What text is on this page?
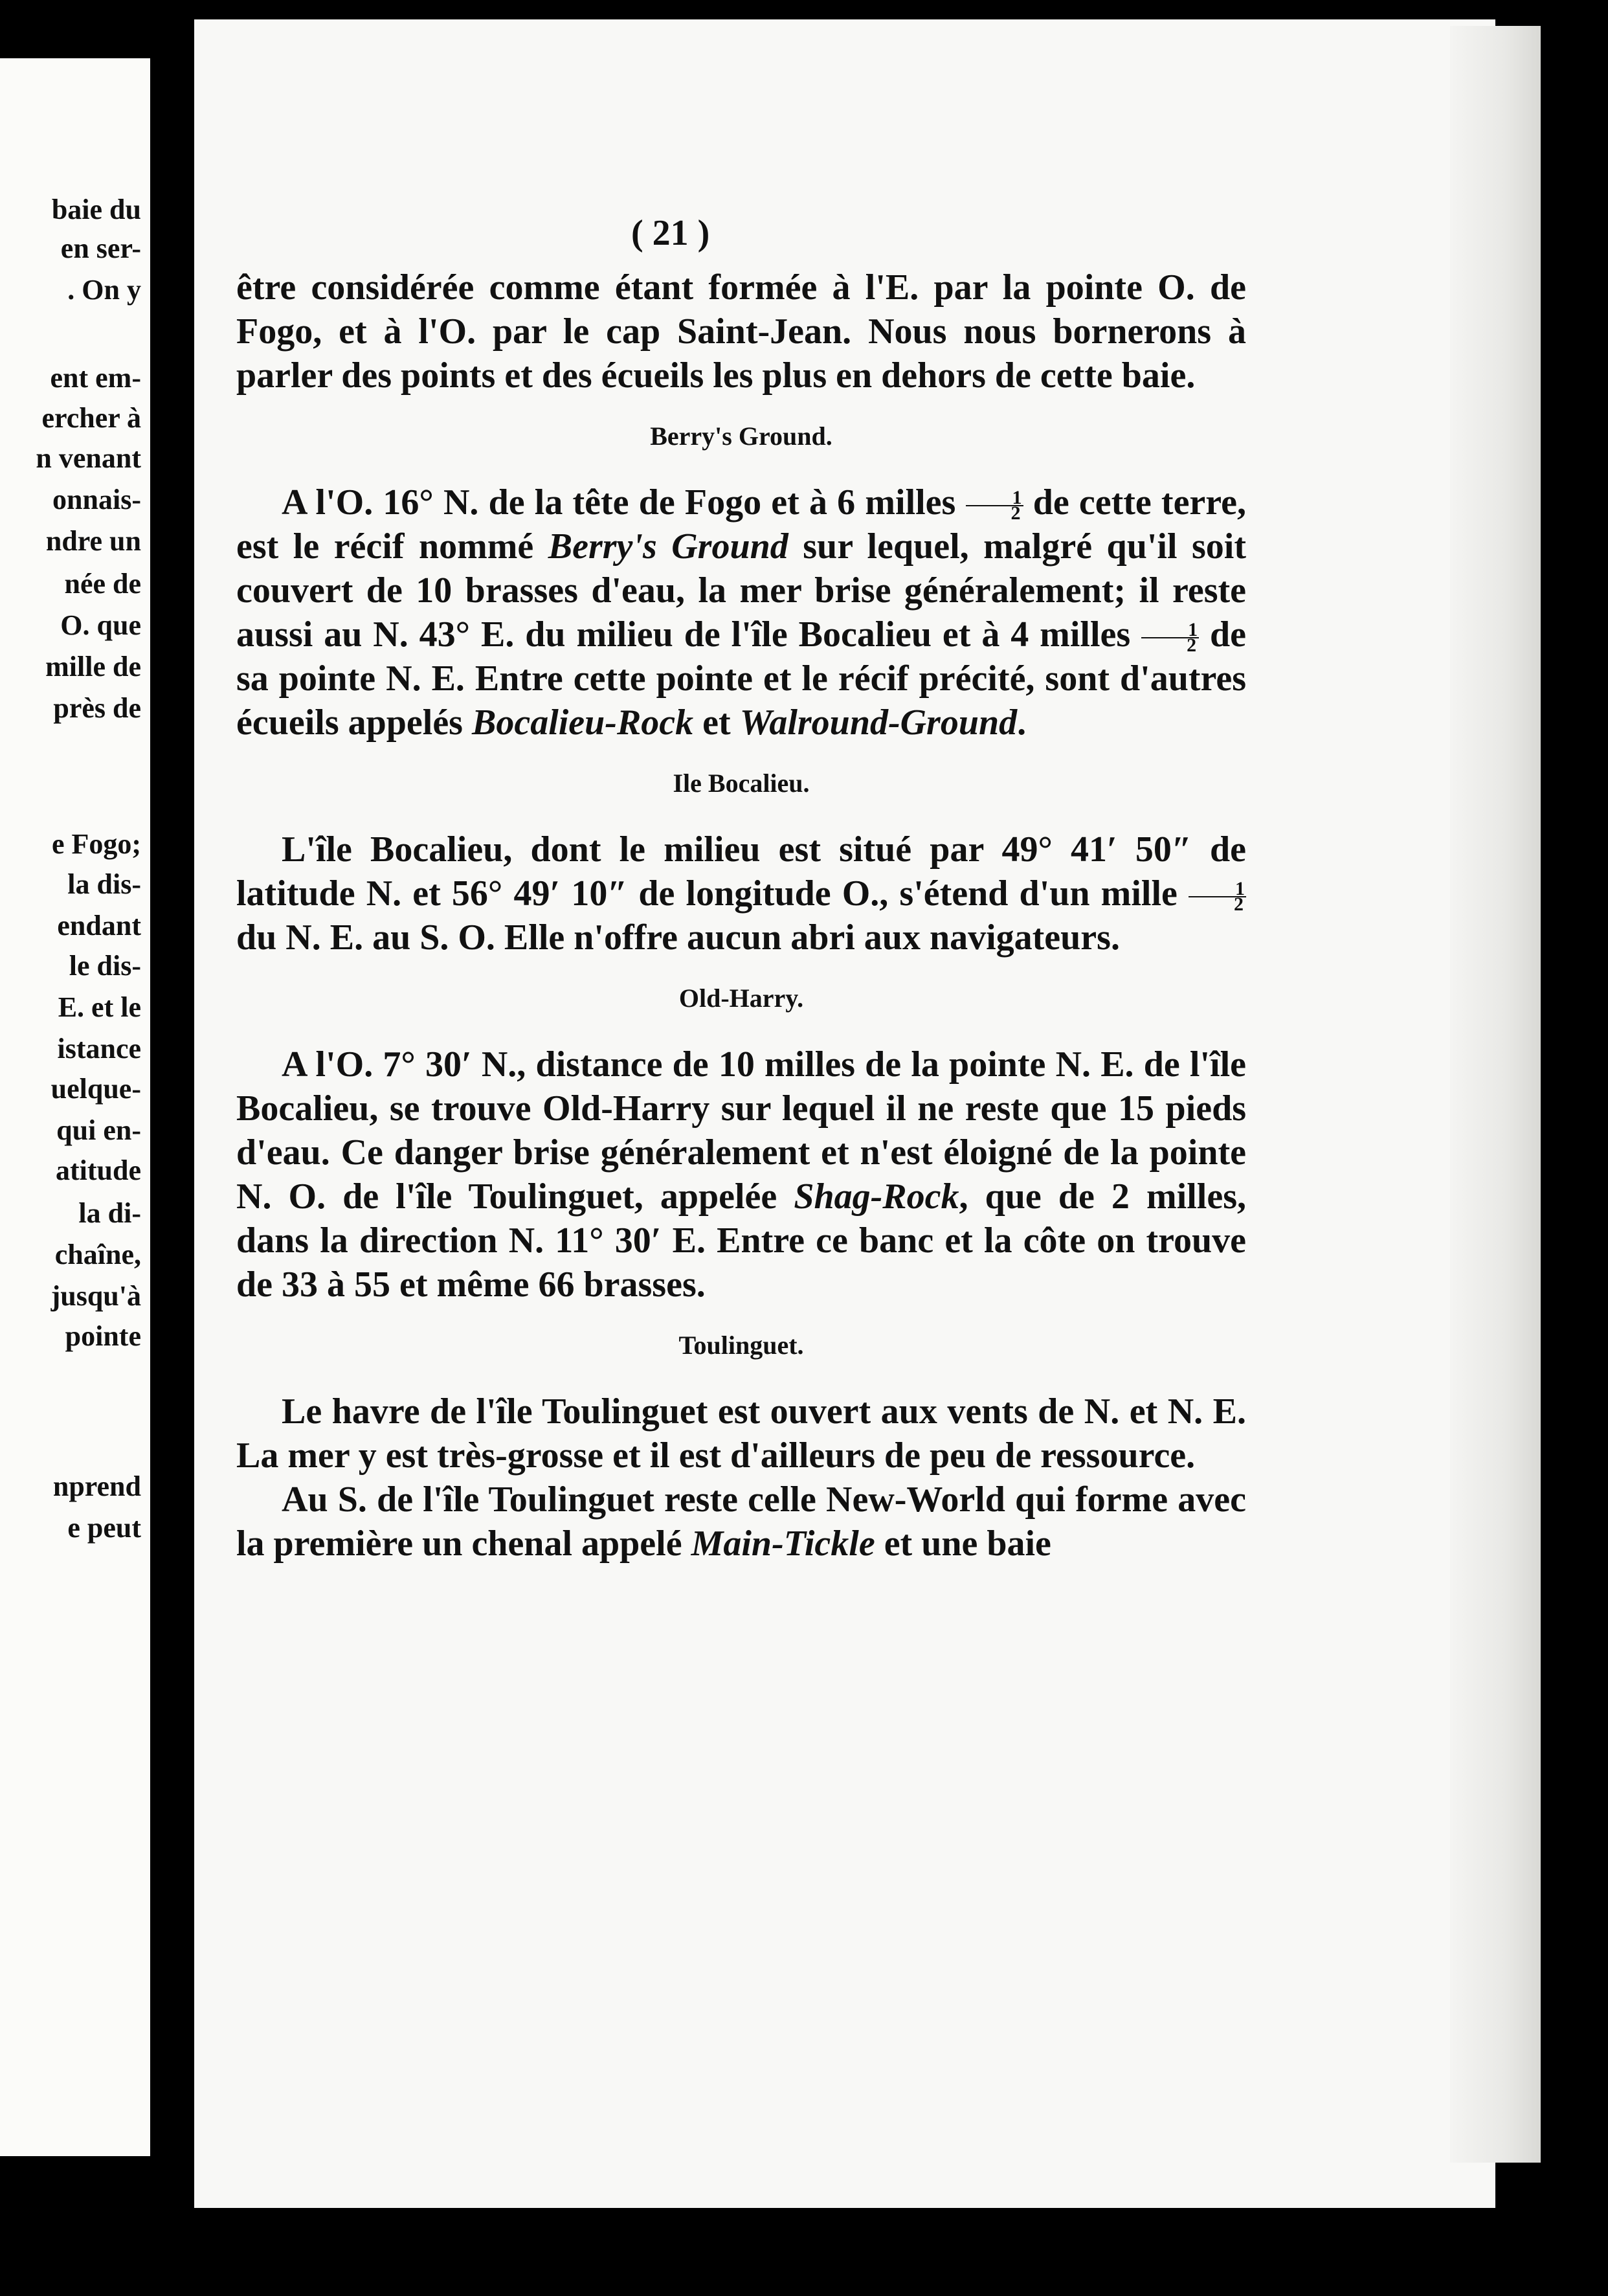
baie du
en ser-
. On y
ent em-
ercher à
n venant
onnais-
ndre un
née de
O. que
mille de
près de
e Fogo;
la dis-
endant
le dis-
E. et le
istance
uelque-
qui en-
atitude
la di-
chaîne,
jusqu'à
pointe
nprend
e peut
( 21 )

être considérée comme étant formée à l'E. par la pointe O. de Fogo, et à l'O. par le cap Saint-Jean. Nous nous bornerons à parler des points et des écueils les plus en dehors de cette baie.

Berry's Ground.

A l'O. 16° N. de la tête de Fogo et à 6 milles $\frac{1}{2}$ de cette terre, est le récif nommé Berry's Ground sur lequel, malgré qu'il soit couvert de 10 brasses d'eau, la mer brise généralement; il reste aussi au N. 43° E. du milieu de l'île Bocalieu et à 4 milles $\frac{1}{2}$ de sa pointe N. E. Entre cette pointe et le récif précité, sont d'autres écueils appelés Bocalieu-Rock et Walround-Ground.

Ile Bocalieu.

L'île Bocalieu, dont le milieu est situé par 49° 41′ 50″ de latitude N. et 56° 49′ 10″ de longitude O., s'étend d'un mille $\frac{1}{2}$
du N. E. au S. O. Elle n'offre aucun abri aux navigateurs.

Old-Harry.

A l'O. 7° 30′ N., distance de 10 milles de la pointe N. E. de l'île Bocalieu, se trouve Old-Harry sur lequel il ne reste que 15 pieds d'eau. Ce danger brise généralement et n'est éloigné de la pointe N. O. de l'île Toulinguet, appelée Shag-Rock, que de 2 milles, dans la direction N. 11° 30′ E. Entre ce banc et la côte on trouve de 33 à 55 et même 66 brasses.

Toulinguet.

Le havre de l'île Toulinguet est ouvert aux vents de N. et N. E. La mer y est très-grosse et il est d'ailleurs de peu de ressource.

Au S. de l'île Toulinguet reste celle New-World qui forme avec la première un chenal appelé Main-Tickle et une baie
